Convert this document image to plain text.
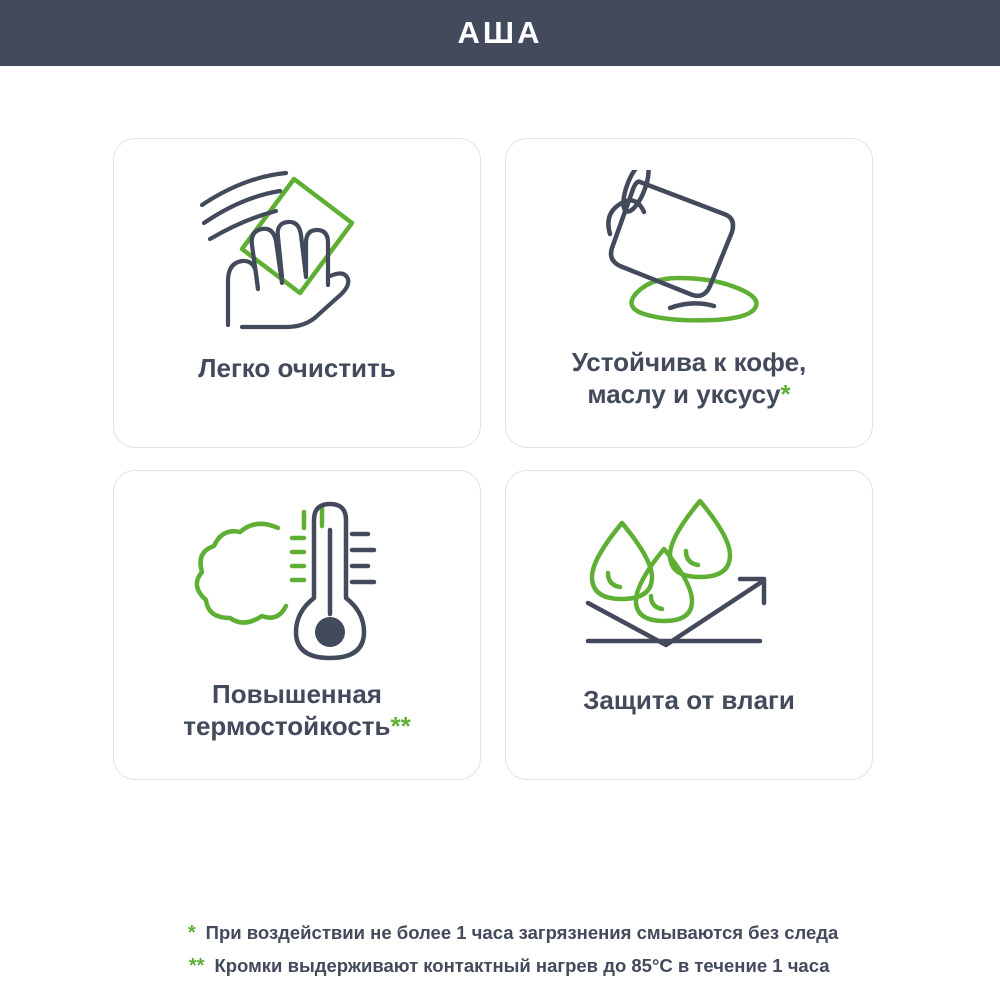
АША
Легко очистить	Устойчива к кофе,
маслу и уксусу*
Повышенная
термостойкость**
Защита от влаги
* При воздействии не более 1 часа загрязнения смываются без следа
** Кромки выдерживают контактный нагрев до 85°С в течение 1 часа
